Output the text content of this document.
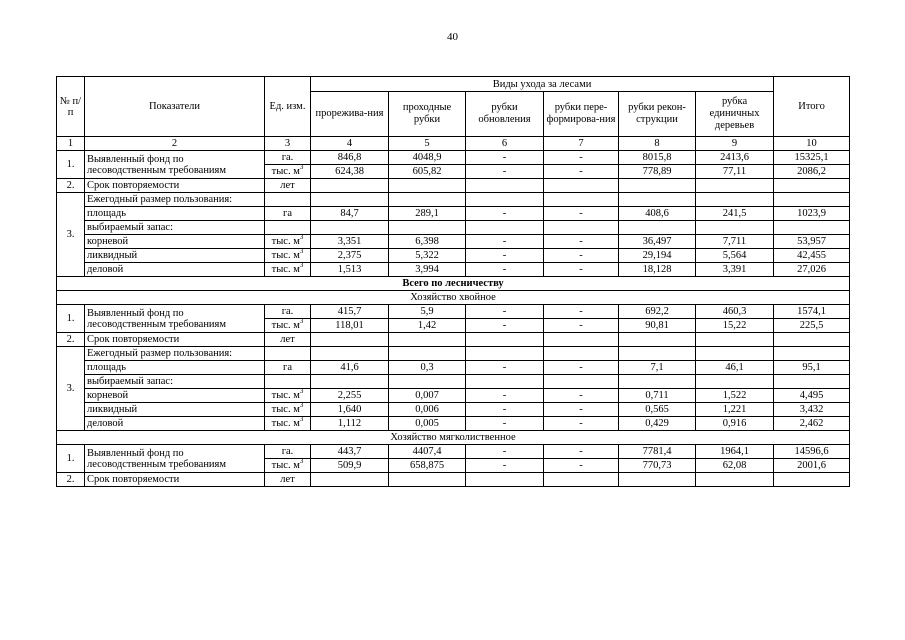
40
№ п/п	Показатели	Ед. изм.	Виды ухода за лесами						Итого
			прорежива-ния	проходные рубки	рубки обновления	рубки пере-формирова-ния	рубки рекон-струкции	рубка единичных деревьев	
1	2	3	4	5	6	7	8	9	10
1.	Выявленный фонд по лесоводственным требованиям	га.	846,8	4048,9	-	-	8015,8	2413,6	15325,1
		тыс. $м^3$	624,38	605,82	-	-	778,89	77,11	2086,2
2.	Срок повторяемости	лет							
3.	Ежегодный размер пользования:								

	площадь	га	84,7	289,1	-	-	408,6	241,5	1023,9
	выбираемый запас:								
	корневой	тыс. $м^3$	3,351	6,398	-	-	36,497	7,711	53,957
	ликвидный	тыс. $м^3$	2,375	5,322	-	-	29,194	5,564	42,455
	деловой	тыс. $м^3$	1,513	3,994	-	-	18,128	3,391	27,026
Всего по лесничеству									
Хозяйство хвойное									
1.	Выявленный фонд по лесоводственным требованиям	га.	415,7	5,9	-	-	692,2	460,3	1574,1
		тыс. $м^3$	118,01	1,42	-	-	90,81	15,22	225,5
2.	Срок повторяемости	лет							
3.	Ежегодный размер пользования:								

	площадь	га	41,6	0,3	-	-	7,1	46,1	95,1
	выбираемый запас:								
	корневой	тыс. $м^3$	2,255	0,007	-	-	0,711	1,522	4,495
	ликвидный	тыс. $м^3$	1,640	0,006	-	-	0,565	1,221	3,432
	деловой	тыс. $м^3$	1,112	0,005	-	-	0,429	0,916	2,462
Хозяйство мягколиственное									
1.	Выявленный фонд по лесоводственным требованиям	га.	443,7	4407,4	-	-	7781,4	1964,1	14596,6
		тыс. $м^3$	509,9	658,875	-	-	770,73	62,08	2001,6
2.	Срок повторяемости	лет							
